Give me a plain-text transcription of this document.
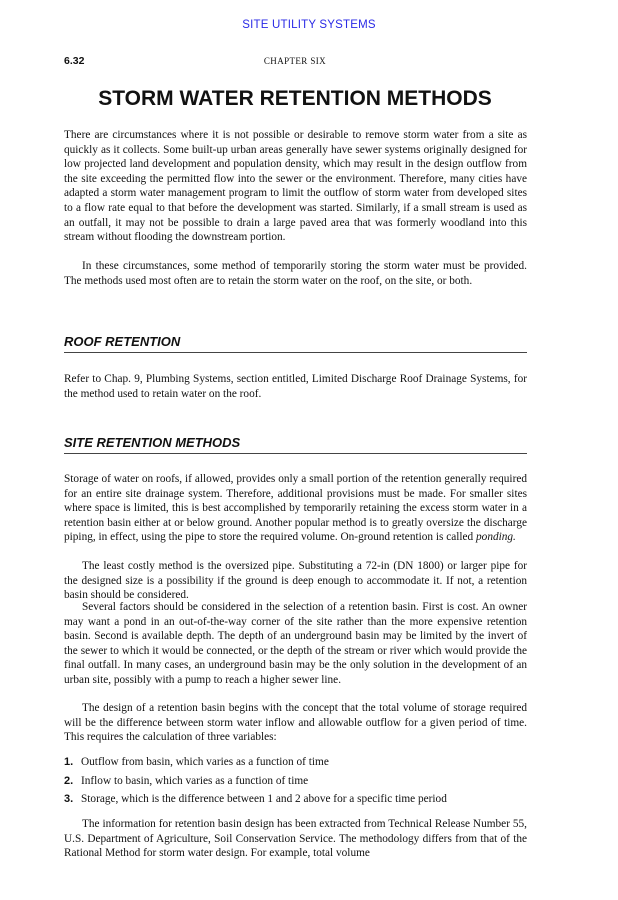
SITE UTILITY SYSTEMS
6.32	CHAPTER SIX
STORM WATER RETENTION METHODS

There are circumstances where it is not possible or desirable to remove storm water from a site as quickly as it collects. Some built-up urban areas generally have sewer systems originally designed for low projected land development and population density, which may result in the design outflow from the site exceeding the permitted flow into the sewer or the environment. Therefore, many cities have adapted a storm water management program to limit the outflow of storm water from developed sites to a flow rate equal to that before the development was started. Similarly, if a small stream is used as an outfall, it may not be possible to drain a large paved area that was formerly woodland into this stream without flooding the downstream portion.

In these circumstances, some method of temporarily storing the storm water must be provided. The methods used most often are to retain the storm water on the roof, on the site, or both.

ROOF RETENTION

Refer to Chap. 9, Plumbing Systems, section entitled, Limited Discharge Roof Drainage Systems, for the method used to retain water on the roof.

SITE RETENTION METHODS

Storage of water on roofs, if allowed, provides only a small portion of the retention generally required for an entire site drainage system. Therefore, additional provisions must be made. For smaller sites where space is limited, this is best accomplished by temporarily retaining the excess storm water in a retention basin either at or below ground. Another popular method is to greatly oversize the discharge piping, in effect, using the pipe to store the required volume. On-ground retention is called ponding.

The least costly method is the oversized pipe. Substituting a 72-in (DN 1800) or larger pipe for the designed size is a possibility if the ground is deep enough to accommodate it. If not, a retention basin should be considered.

Several factors should be considered in the selection of a retention basin. First is cost. An owner may want a pond in an out-of-the-way corner of the site rather than the more expensive retention basin. Second is available depth. The depth of an underground basin may be limited by the invert of the sewer to which it would be connected, or the depth of the stream or river which would provide the final outfall. In many cases, an underground basin may be the only solution in the development of an urban site, possibly with a pump to reach a higher sewer line.

The design of a retention basin begins with the concept that the total volume of storage required will be the difference between storm water inflow and allowable outflow for a given period of time. This requires the calculation of three variables:

1. Outflow from basin, which varies as a function of time
2. Inflow to basin, which varies as a function of time
3. Storage, which is the difference between 1 and 2 above for a specific time period

The information for retention basin design has been extracted from Technical Release Number 55, U.S. Department of Agriculture, Soil Conservation Service. The methodology differs from that of the Rational Method for storm water design. For example, total volume
